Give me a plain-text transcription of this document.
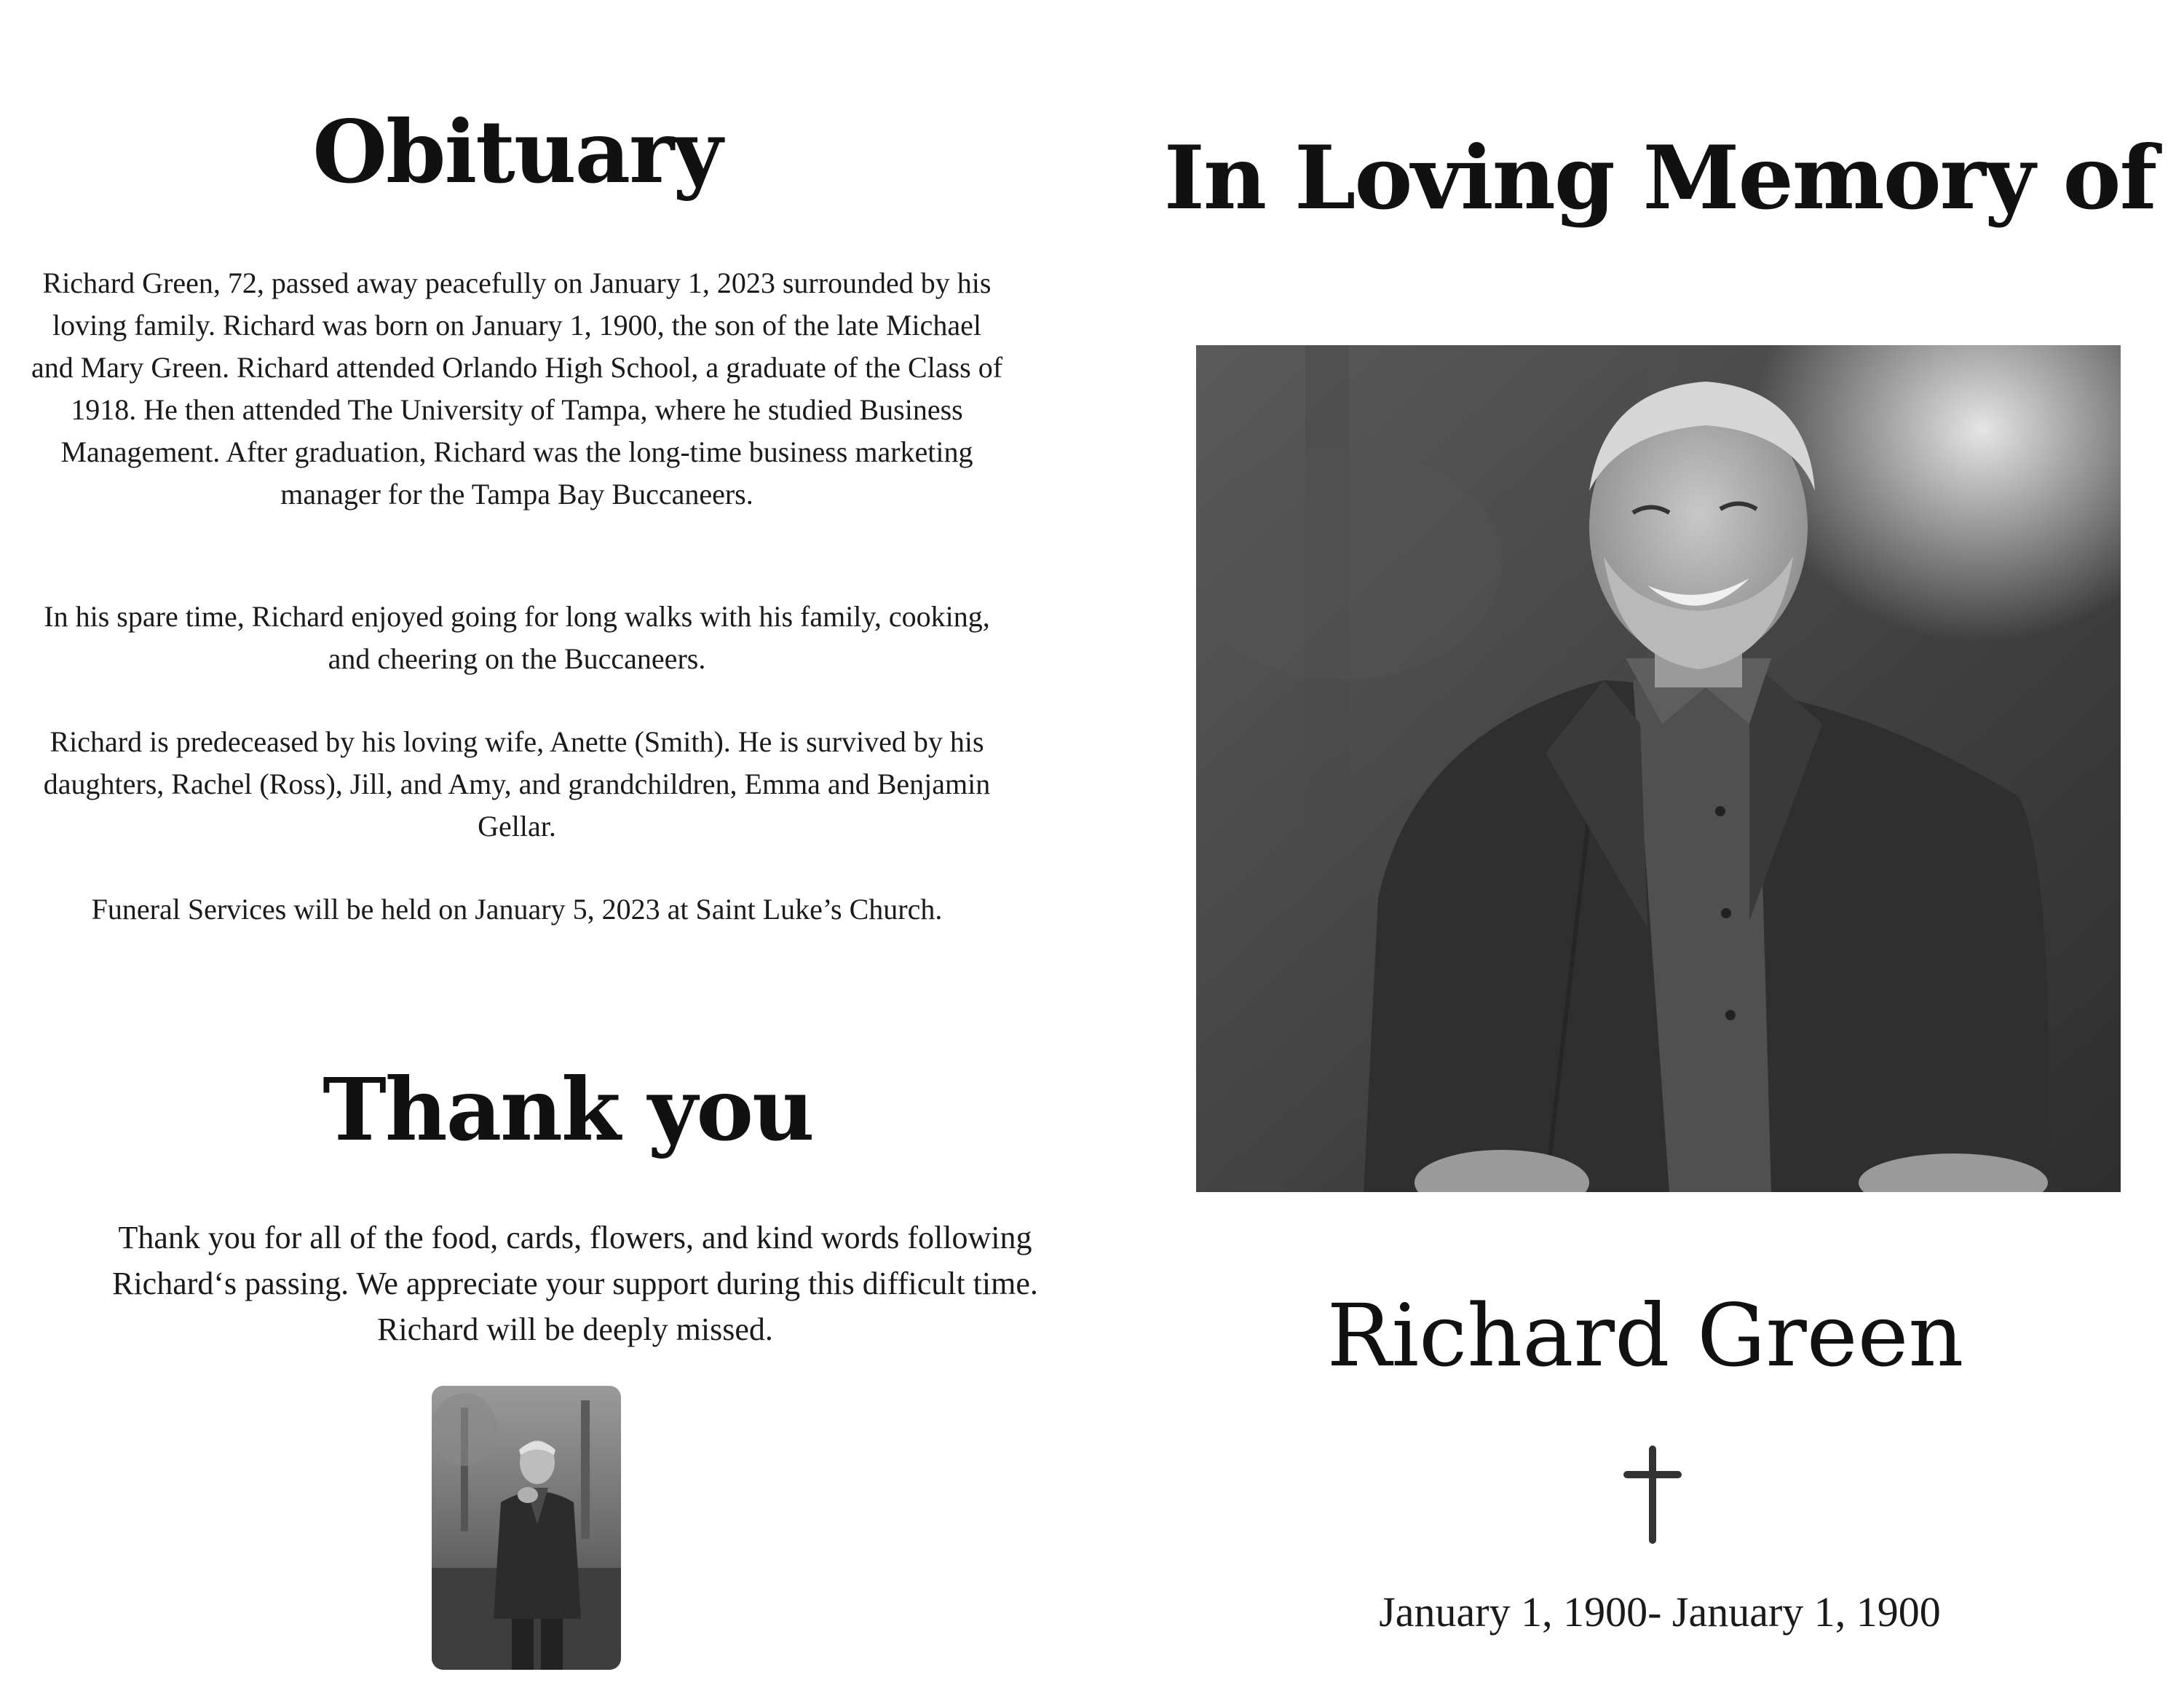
Obituary
Richard Green, 72, passed away peacefully on January 1, 2023 surrounded by his loving family. Richard was born on January 1, 1900, the son of the late Michael and Mary Green. Richard attended Orlando High School, a graduate of the Class of 1918. He then attended The University of Tampa, where he studied Business Management. After graduation, Richard was the long-time business marketing manager for the Tampa Bay Buccaneers.
In his spare time, Richard enjoyed going for long walks with his family, cooking, and cheering on the Buccaneers.
Richard is predeceased by his loving wife, Anette (Smith). He is survived by his daughters, Rachel (Ross), Jill, and Amy, and grandchildren, Emma and Benjamin Gellar.
Funeral Services will be held on January 5, 2023 at Saint Luke’s Church.
Thank you
Thank you for all of the food, cards, flowers, and kind words following Richard‘s passing. We appreciate your support during this difficult time. Richard will be deeply missed.
In Loving Memory of
Richard Green
January 1, 1900- January 1, 1900
